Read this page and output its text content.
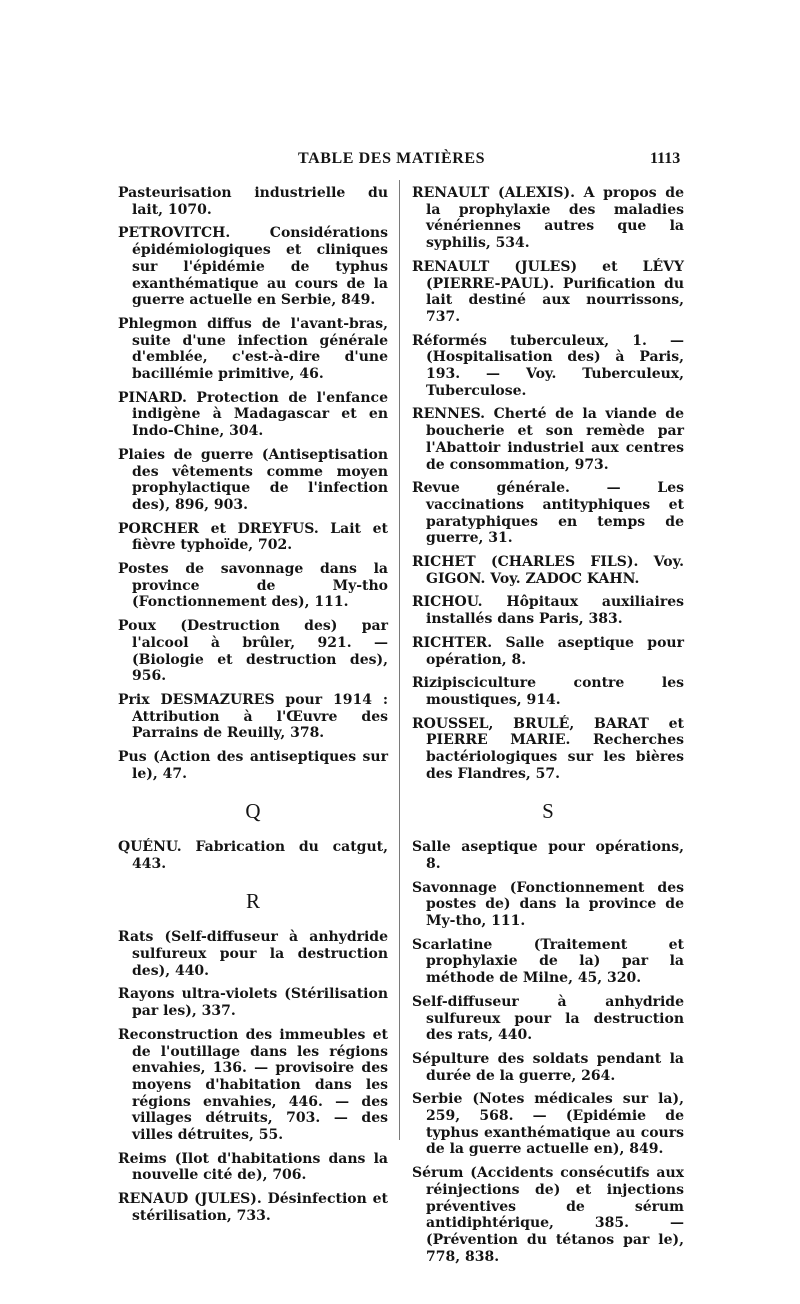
TABLE DES MATIÈRES	1113

Pasteurisation industrielle du lait, 1070.

PETROVITCH. Considérations épidémiologiques et cliniques sur l'épidémie de typhus exanthématique au cours de la guerre actuelle en Serbie, 849.

Phlegmon diffus de l'avant-bras, suite d'une infection générale d'emblée, c'est-à-dire d'une bacillémie primitive, 46.

PINARD. Protection de l'enfance indigène à Madagascar et en Indo-Chine, 304.

Plaies de guerre (Antiseptisation des vêtements comme moyen prophylactique de l'infection des), 896, 903.

PORCHER et DREYFUS. Lait et fièvre typhoïde, 702.

Postes de savonnage dans la province de My-tho (Fonctionnement des), 111.

Poux (Destruction des) par l'alcool à brûler, 921. — (Biologie et destruction des), 956.

Prix DESMAZURES pour 1914 : Attribution à l'Œuvre des Parrains de Reuilly, 378.

Pus (Action des antiseptiques sur le), 47.

Q

QUÉNU. Fabrication du catgut, 443.

R

Rats (Self-diffuseur à anhydride sulfureux pour la destruction des), 440.

Rayons ultra-violets (Stérilisation par les), 337.

Reconstruction des immeubles et de l'outillage dans les régions envahies, 136. — provisoire des moyens d'habitation dans les régions envahies, 446. — des villages détruits, 703. — des villes détruites, 55.

Reims (Ilot d'habitations dans la nouvelle cité de), 706.

RENAUD (JULES). Désinfection et stérilisation, 733.

RENAULT (ALEXIS). A propos de la prophylaxie des maladies vénériennes autres que la syphilis, 534.

RENAULT (JULES) et LÉVY (PIERRE-PAUL). Purification du lait destiné aux nourrissons, 737.

Réformés tuberculeux, 1. — (Hospitalisation des) à Paris, 193. — Voy. Tuberculeux, Tuberculose.

RENNES. Cherté de la viande de boucherie et son remède par l'Abattoir industriel aux centres de consommation, 973.

Revue générale. — Les vaccinations antityphiques et paratyphiques en temps de guerre, 31.

RICHET (CHARLES FILS). Voy. GIGON. Voy. ZADOC KAHN.

RICHOU. Hôpitaux auxiliaires installés dans Paris, 383.

RICHTER. Salle aseptique pour opération, 8.

Rizipisciculture contre les moustiques, 914.

ROUSSEL, BRULÉ, BARAT et PIERRE MARIE. Recherches bactériologiques sur les bières des Flandres, 57.

S

Salle aseptique pour opérations, 8.

Savonnage (Fonctionnement des postes de) dans la province de My-tho, 111.

Scarlatine (Traitement et prophylaxie de la) par la méthode de Milne, 45, 320.

Self-diffuseur à anhydride sulfureux pour la destruction des rats, 440.

Sépulture des soldats pendant la durée de la guerre, 264.

Serbie (Notes médicales sur la), 259, 568. — (Epidémie de typhus exanthématique au cours de la guerre actuelle en), 849.

Sérum (Accidents consécutifs aux réinjections de) et injections préventives de sérum antidiphtérique, 385. — (Prévention du tétanos par le), 778, 838.
